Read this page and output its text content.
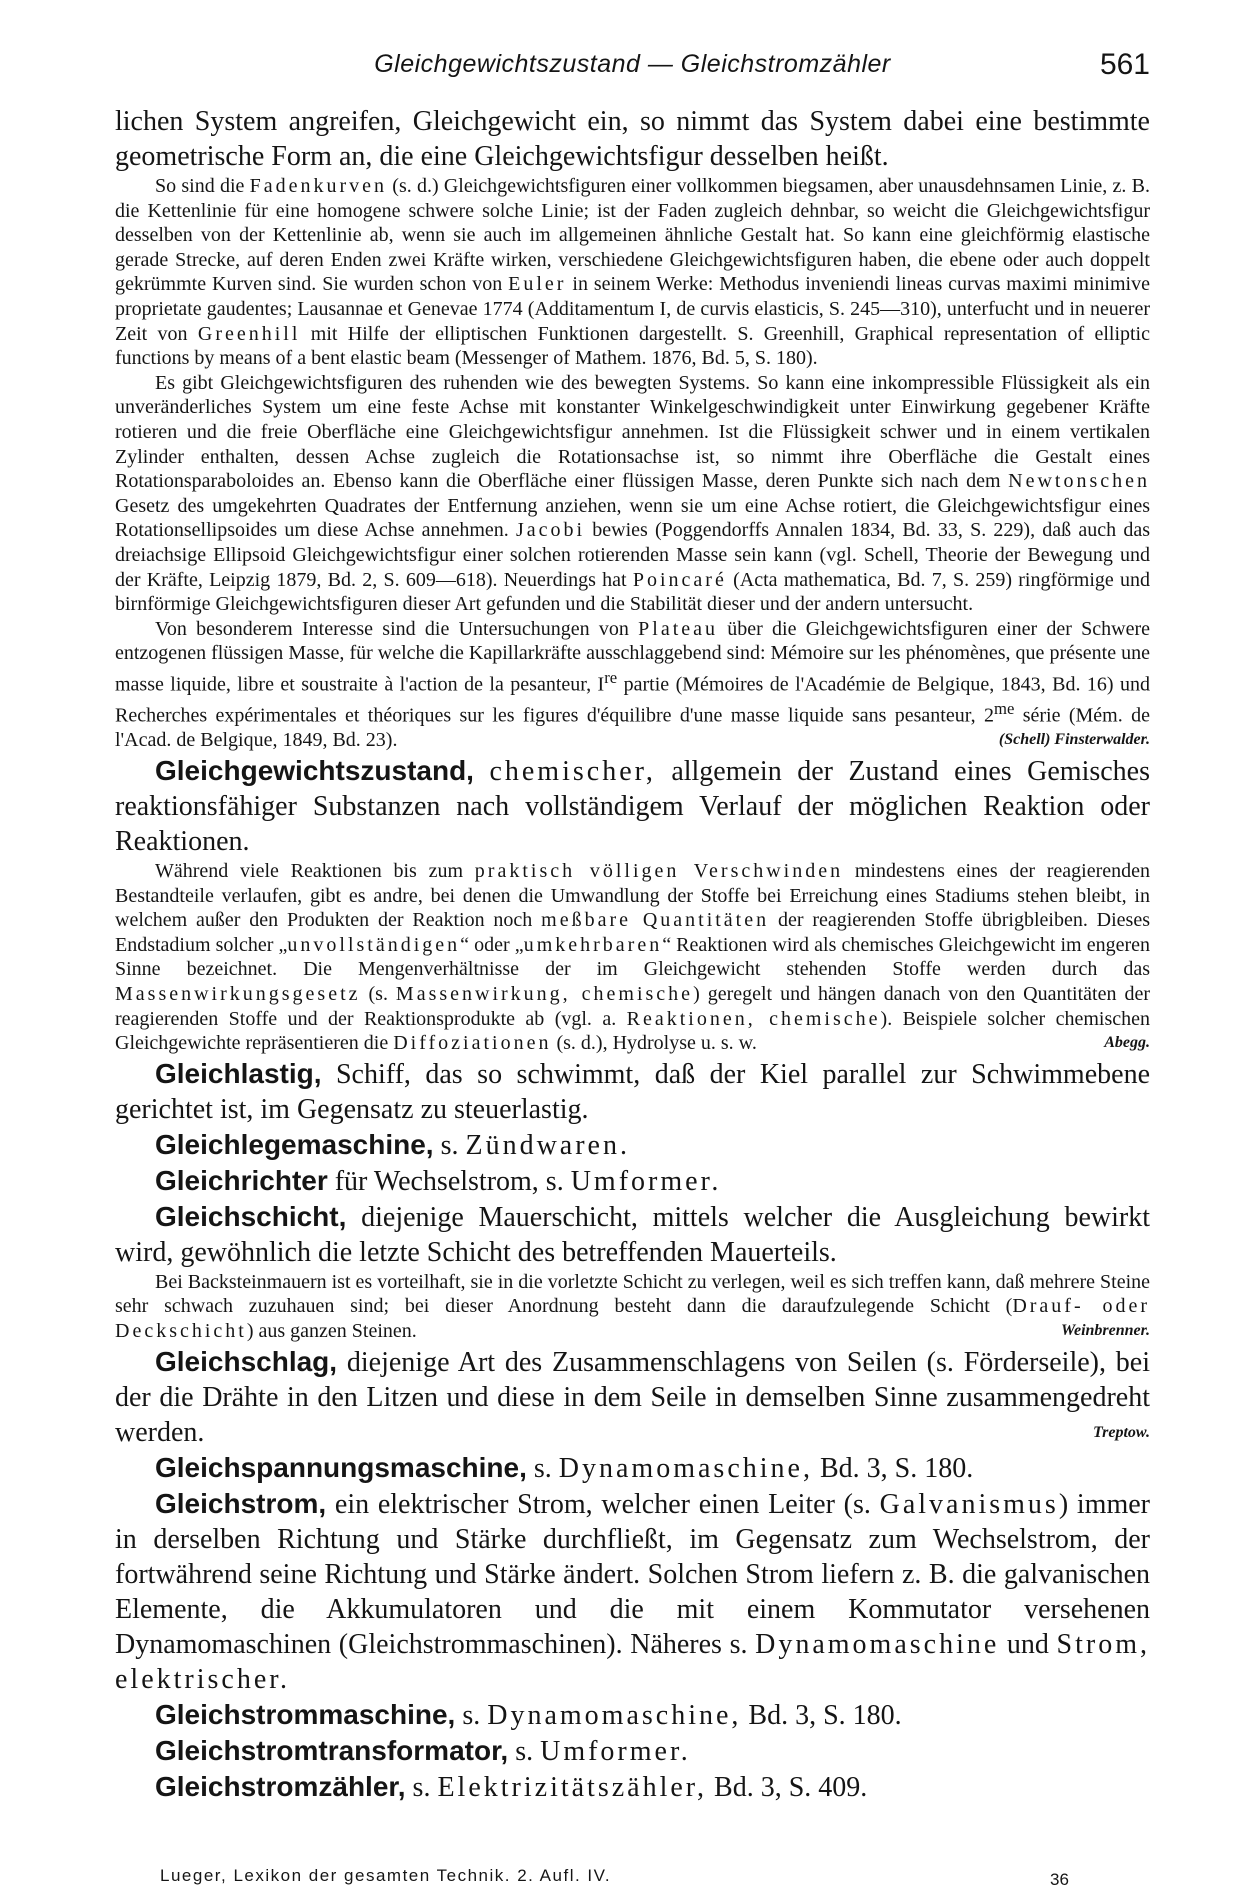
Gleichgewichtszustand — Gleichstromzähler	561

lichen System angreifen, Gleichgewicht ein, so nimmt das System dabei eine bestimmte geometrische Form an, die eine Gleichgewichtsfigur desselben heißt.

So sind die Fadenkurven (s. d.) Gleichgewichtsfiguren einer vollkommen biegsamen, aber unausdehnsamen Linie, z. B. die Kettenlinie für eine homogene schwere solche Linie; ist der Faden zugleich dehnbar, so weicht die Gleichgewichtsfigur desselben von der Kettenlinie ab, wenn sie auch im allgemeinen ähnliche Gestalt hat. So kann eine gleichförmig elastische gerade Strecke, auf deren Enden zwei Kräfte wirken, verschiedene Gleichgewichtsfiguren haben, die ebene oder auch doppelt gekrümmte Kurven sind. Sie wurden schon von Euler in seinem Werke: Methodus inveniendi lineas curvas maximi minimive proprietate gaudentes; Lausannae et Genevae 1774 (Additamentum I, de curvis elasticis, S. 245—310), unterfucht und in neuerer Zeit von Greenhill mit Hilfe der elliptischen Funktionen dargestellt. S. Greenhill, Graphical representation of elliptic functions by means of a bent elastic beam (Messenger of Mathem. 1876, Bd. 5, S. 180).

Es gibt Gleichgewichtsfiguren des ruhenden wie des bewegten Systems. So kann eine inkompressible Flüssigkeit als ein unveränderliches System um eine feste Achse mit konstanter Winkelgeschwindigkeit unter Einwirkung gegebener Kräfte rotieren und die freie Oberfläche eine Gleichgewichtsfigur annehmen. Ist die Flüssigkeit schwer und in einem vertikalen Zylinder enthalten, dessen Achse zugleich die Rotationsachse ist, so nimmt ihre Oberfläche die Gestalt eines Rotationsparaboloides an. Ebenso kann die Oberfläche einer flüssigen Masse, deren Punkte sich nach dem Newtonschen Gesetz des umgekehrten Quadrates der Entfernung anziehen, wenn sie um eine Achse rotiert, die Gleichgewichtsfigur eines Rotationsellipsoides um diese Achse annehmen. Jacobi bewies (Poggendorffs Annalen 1834, Bd. 33, S. 229), daß auch das dreiachsige Ellipsoid Gleichgewichtsfigur einer solchen rotierenden Masse sein kann (vgl. Schell, Theorie der Bewegung und der Kräfte, Leipzig 1879, Bd. 2, S. 609—618). Neuerdings hat Poincaré (Acta mathematica, Bd. 7, S. 259) ringförmige und birnförmige Gleichgewichtsfiguren dieser Art gefunden und die Stabilität dieser und der andern untersucht.

Von besonderem Interesse sind die Untersuchungen von Plateau über die Gleichgewichtsfiguren einer der Schwere entzogenen flüssigen Masse, für welche die Kapillarkräfte ausschlaggebend sind: Mémoire sur les phénomènes, que présente une masse liquide, libre et soustraite à l'action de la pesanteur, Ire partie (Mémoires de l'Académie de Belgique, 1843, Bd. 16) und Recherches expérimentales et théoriques sur les figures d'équilibre d'une masse liquide sans pesanteur, $2^{me}$ série (Mém. de l'Acad. de Belgique, 1849, Bd. 23).	(Schell) Finsterwalder.

Gleichgewichtszustand, chemischer, allgemein der Zustand eines Gemisches reaktionsfähiger Substanzen nach vollständigem Verlauf der möglichen Reaktion oder Reaktionen.

Während viele Reaktionen bis zum praktisch völligen Verschwinden mindestens eines der reagierenden Bestandteile verlaufen, gibt es andre, bei denen die Umwandlung der Stoffe bei Erreichung eines Stadiums stehen bleibt, in welchem außer den Produkten der Reaktion noch meßbare Quantitäten der reagierenden Stoffe übrigbleiben. Dieses Endstadium solcher „unvollständigen“ oder „umkehrbaren“ Reaktionen wird als chemisches Gleichgewicht im engeren Sinne bezeichnet. Die Mengenverhältnisse der im Gleichgewicht stehenden Stoffe werden durch das Massenwirkungsgesetz (s. Massenwirkung, chemische) geregelt und hängen danach von den Quantitäten der reagierenden Stoffe und der Reaktionsprodukte ab (vgl. a. Reaktionen, chemische). Beispiele solcher chemischen Gleichgewichte repräsentieren die Diffoziationen (s. d.), Hydrolyse u. s. w.	Abegg.

Gleichlastig, Schiff, das so schwimmt, daß der Kiel parallel zur Schwimmebene gerichtet ist, im Gegensatz zu steuerlastig.

Gleichlegemaschine, s. Zündwaren.

Gleichrichter für Wechselstrom, s. Umformer.

Gleichschicht, diejenige Mauerschicht, mittels welcher die Ausgleichung bewirkt wird, gewöhnlich die letzte Schicht des betreffenden Mauerteils.

Bei Backsteinmauern ist es vorteilhaft, sie in die vorletzte Schicht zu verlegen, weil es sich treffen kann, daß mehrere Steine sehr schwach zuzuhauen sind; bei dieser Anordnung besteht dann die daraufzulegende Schicht (Drauf- oder Deckschicht) aus ganzen Steinen.	Weinbrenner.

Gleichschlag, diejenige Art des Zusammenschlagens von Seilen (s. Förderseile), bei der die Drähte in den Litzen und diese in dem Seile in demselben Sinne zusammengedreht werden.	Treptow.

Gleichspannungsmaschine, s. Dynamomaschine, Bd. 3, S. 180.

Gleichstrom, ein elektrischer Strom, welcher einen Leiter (s. Galvanismus) immer in derselben Richtung und Stärke durchfließt, im Gegensatz zum Wechselstrom, der fortwährend seine Richtung und Stärke ändert. Solchen Strom liefern z. B. die galvanischen Elemente, die Akkumulatoren und die mit einem Kommutator versehenen Dynamomaschinen (Gleichstrommaschinen). Näheres s. Dynamomaschine und Strom, elektrischer.

Gleichstrommaschine, s. Dynamomaschine, Bd. 3, S. 180.

Gleichstromtransformator, s. Umformer.

Gleichstromzähler, s. Elektrizitätszähler, Bd. 3, S. 409.

Lueger, Lexikon der gesamten Technik. 2. Aufl. IV.	36
